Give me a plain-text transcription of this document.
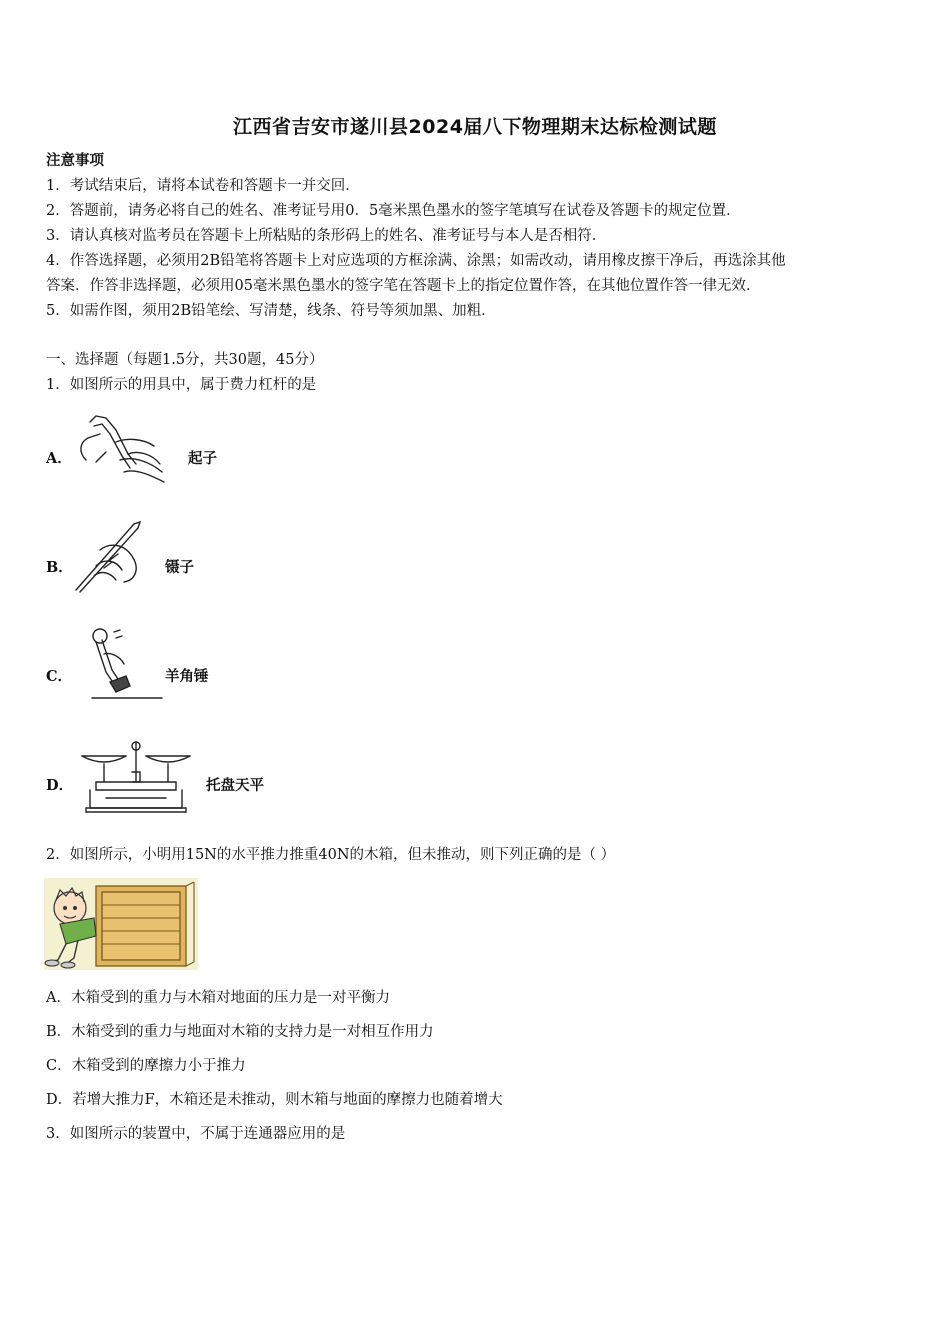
江西省吉安市遂川县2024届八下物理期末达标检测试题
注意事项
1．考试结束后，请将本试卷和答题卡一并交回．
2．答题前，请务必将自己的姓名、准考证号用0．5毫米黑色墨水的签字笔填写在试卷及答题卡的规定位置．
3．请认真核对监考员在答题卡上所粘贴的条形码上的姓名、准考证号与本人是否相符．
4．作答选择题，必须用2B铅笔将答题卡上对应选项的方框涂满、涂黑；如需改动，请用橡皮擦干净后，再选涂其他
答案．作答非选择题，必须用05毫米黑色墨水的签字笔在答题卡上的指定位置作答，在其他位置作答一律无效．
5．如需作图，须用2B铅笔绘、写清楚，线条、符号等须加黑、加粗．
一、选择题（每题1.5分，共30题，45分）
1．如图所示的用具中，属于费力杠杆的是
A．	起子
B．	镊子
C．	羊角锤
D．	托盘天平
2．如图所示，小明用15N的水平推力推重40N的木箱，但未推动，则下列正确的是（ ）
A．木箱受到的重力与木箱对地面的压力是一对平衡力
B．木箱受到的重力与地面对木箱的支持力是一对相互作用力
C．木箱受到的摩擦力小于推力
D．若增大推力F，木箱还是未推动，则木箱与地面的摩擦力也随着增大
3．如图所示的装置中，不属于连通器应用的是
